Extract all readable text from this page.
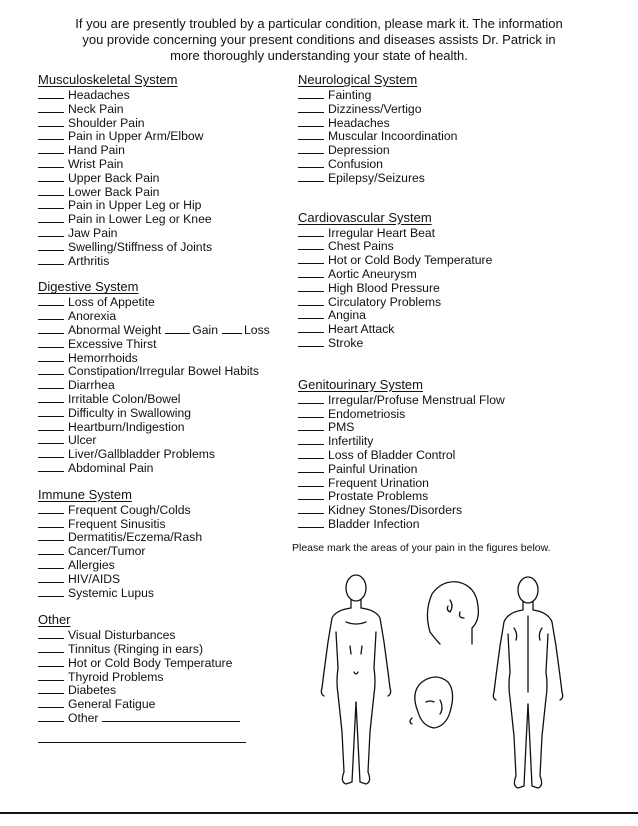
If you are presently troubled by a particular condition, please mark it. The information
you provide concerning your present conditions and diseases assists Dr. Patrick in
more thoroughly understanding your state of health.
Musculoskeletal System
Headaches
Neck Pain
Shoulder Pain
Pain in Upper Arm/Elbow
Hand Pain
Wrist Pain
Upper Back Pain
Lower Back Pain
Pain in Upper Leg or Hip
Pain in Lower Leg or Knee
Jaw Pain
Swelling/Stiffness of Joints
Arthritis
Digestive System
Loss of Appetite
Anorexia
Abnormal Weight	Gain Loss
Excessive Thirst
Hemorrhoids
Constipation/Irregular Bowel Habits
Diarrhea
Irritable Colon/Bowel
Difficulty in Swallowing
Heartburn/Indigestion
Ulcer
Liver/Gallbladder Problems
Abdominal Pain
Immune System
Frequent Cough/Colds
Frequent Sinusitis
Dermatitis/Eczema/Rash
Cancer/Tumor
Allergies
HIV/AIDS
Systemic Lupus
Other
Visual Disturbances
Tinnitus (Ringing in ears)
Hot or Cold Body Temperature
Thyroid Problems
Diabetes
General Fatigue
Other
Neurological System
Fainting
Dizziness/Vertigo
Headaches
Muscular Incoordination
Depression
Confusion
Epilepsy/Seizures
Cardiovascular System
Irregular Heart Beat
Chest Pains
Hot or Cold Body Temperature
Aortic Aneurysm
High Blood Pressure
Circulatory Problems
Angina
Heart Attack
Stroke
Genitourinary System
Irregular/Profuse Menstrual Flow
Endometriosis
PMS
Infertility
Loss of Bladder Control
Painful Urination
Frequent Urination
Prostate Problems
Kidney Stones/Disorders
Bladder Infection
Please mark the areas of your pain in the figures below.
